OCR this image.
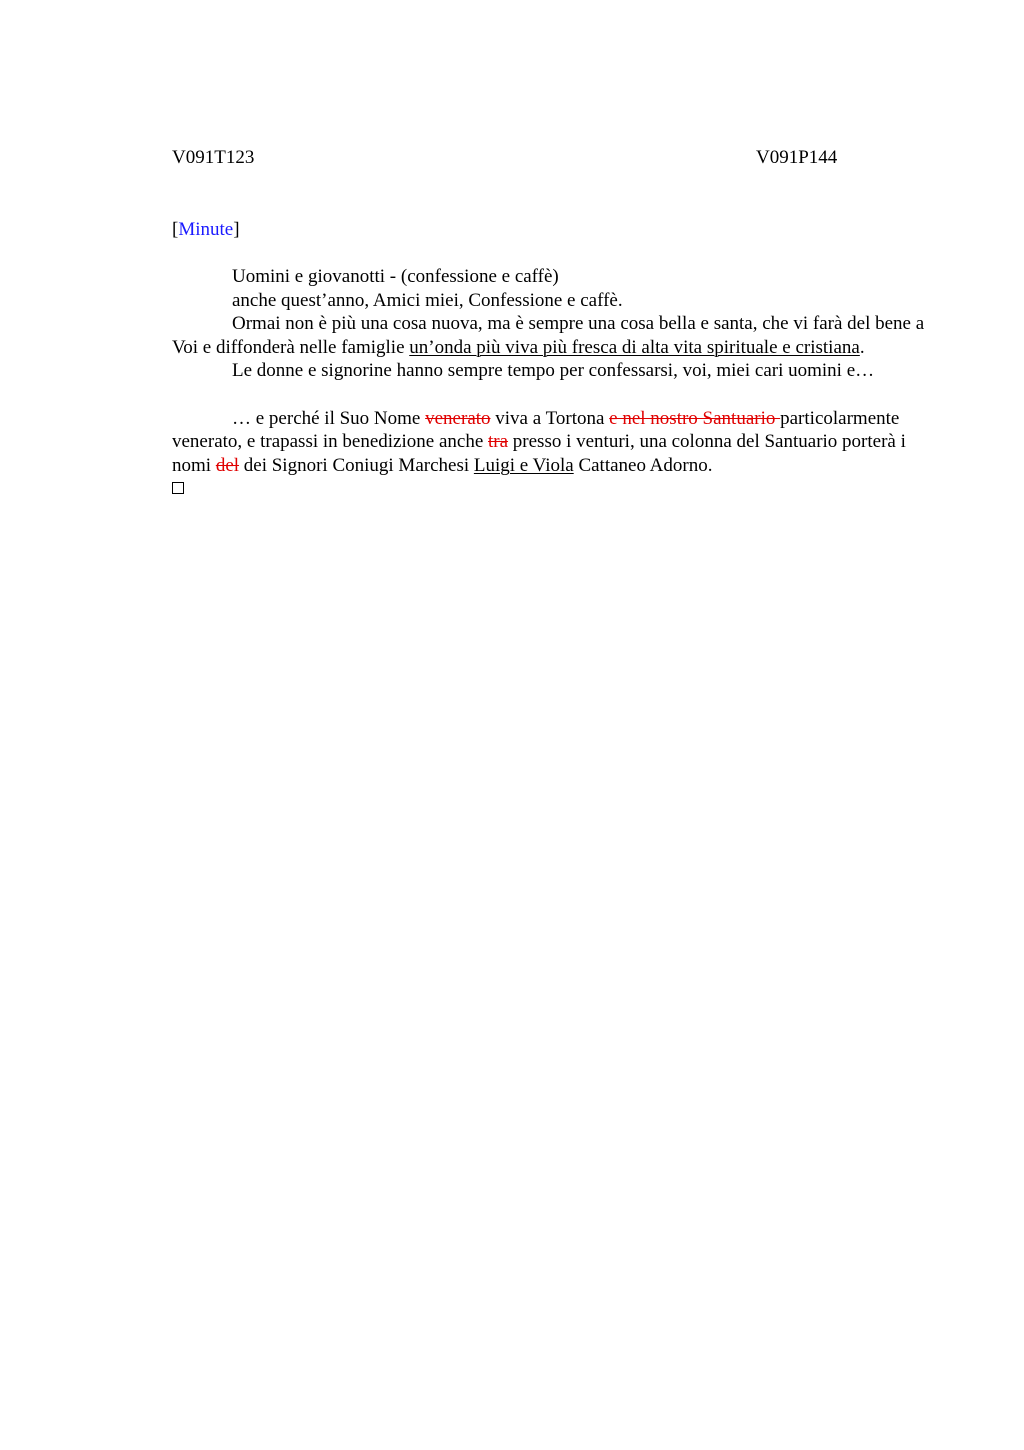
V091T123	V091P144
[Minute]

Uomini e giovanotti - (confessione e caffè)

anche quest’anno, Amici miei, Confessione e caffè.

Ormai non è più una cosa nuova, ma è sempre una cosa bella e santa, che vi farà del bene a Voi e diffonderà nelle famiglie un’onda più viva più fresca di alta vita spirituale e cristiana.

Le donne e signorine hanno sempre tempo per confessarsi, voi, miei cari uomini e…

… e perché il Suo Nome venerato viva a Tortona e nel nostro Santuario particolarmente venerato, e trapassi in benedizione anche tra presso i venturi, una colonna del Santuario porterà i nomi del dei Signori Coniugi Marchesi Luigi e Viola Cattaneo Adorno.
